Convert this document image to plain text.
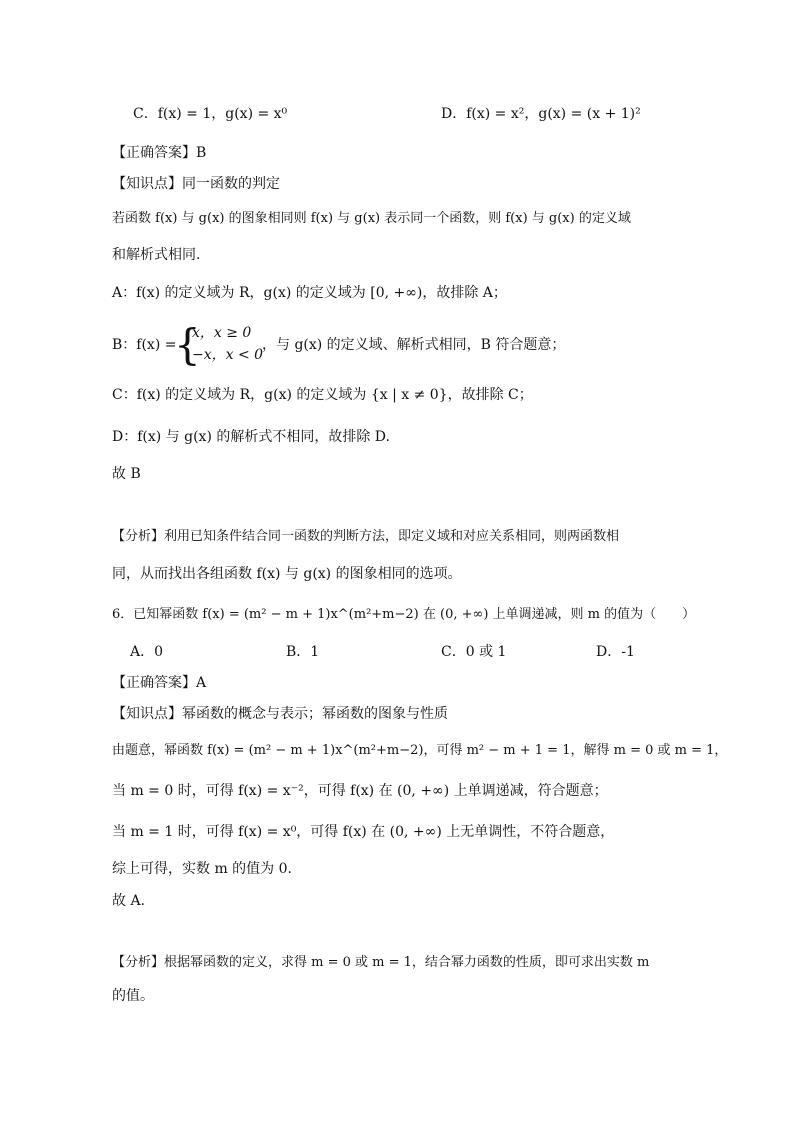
C．f(x) = 1，g(x) = x⁰	D．f(x) = x²，g(x) = (x + 1)²
【正确答案】B
【知识点】同一函数的判定
若函数 f(x) 与 g(x) 的图象相同则 f(x) 与 g(x) 表示同一个函数，则 f(x) 与 g(x) 的定义域
和解析式相同.
A：f(x) 的定义域为 R，g(x) 的定义域为 [0, +∞)，故排除 A；
B：f(x) =
{
x，x ≥ 0
−x，x < 0
，与 g(x) 的定义域、解析式相同，B 符合题意；
C：f(x) 的定义域为 R，g(x) 的定义域为 {x | x ≠ 0}，故排除 C；
D：f(x) 与 g(x) 的解析式不相同，故排除 D.
故 B
【分析】利用已知条件结合同一函数的判断方法，即定义域和对应关系相同，则两函数相
同，从而找出各组函数 f(x) 与 g(x) 的图象相同的选项。
6．已知幂函数 f(x) = (m² − m + 1)x^(m²+m−2) 在 (0, +∞) 上单调递减，则 m 的值为（　　）
A．0	B．1	C．0 或 1	D．-1
【正确答案】A
【知识点】幂函数的概念与表示；幂函数的图象与性质
由题意，幂函数 f(x) = (m² − m + 1)x^(m²+m−2)，可得 m² − m + 1 = 1，解得 m = 0 或 m = 1，
当 m = 0 时，可得 f(x) = x⁻²，可得 f(x) 在 (0, +∞) 上单调递减，符合题意；
当 m = 1 时，可得 f(x) = x⁰，可得 f(x) 在 (0, +∞) 上无单调性，不符合题意，
综上可得，实数 m 的值为 0.
故 A.
【分析】根据幂函数的定义，求得 m = 0 或 m = 1，结合幂力函数的性质，即可求出实数 m
的值。
